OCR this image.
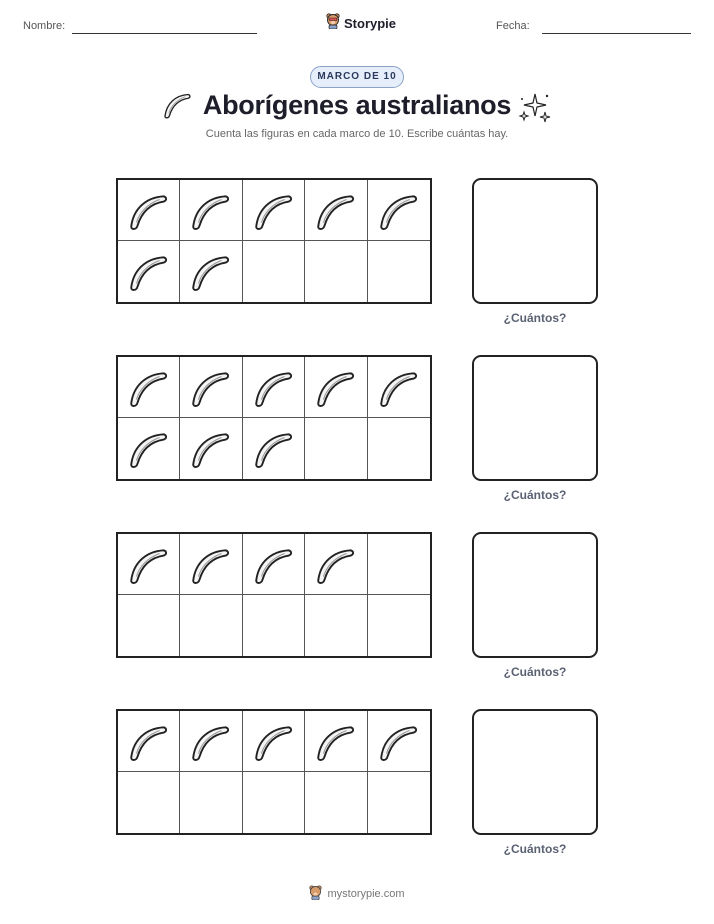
Nombre:	Storypie	Fecha:
MARCO DE 10
Aborígenes australianos
Cuenta las figuras en cada marco de 10. Escribe cuántas hay.
¿Cuántos?
¿Cuántos?
¿Cuántos?
¿Cuántos?
mystorypie.com
